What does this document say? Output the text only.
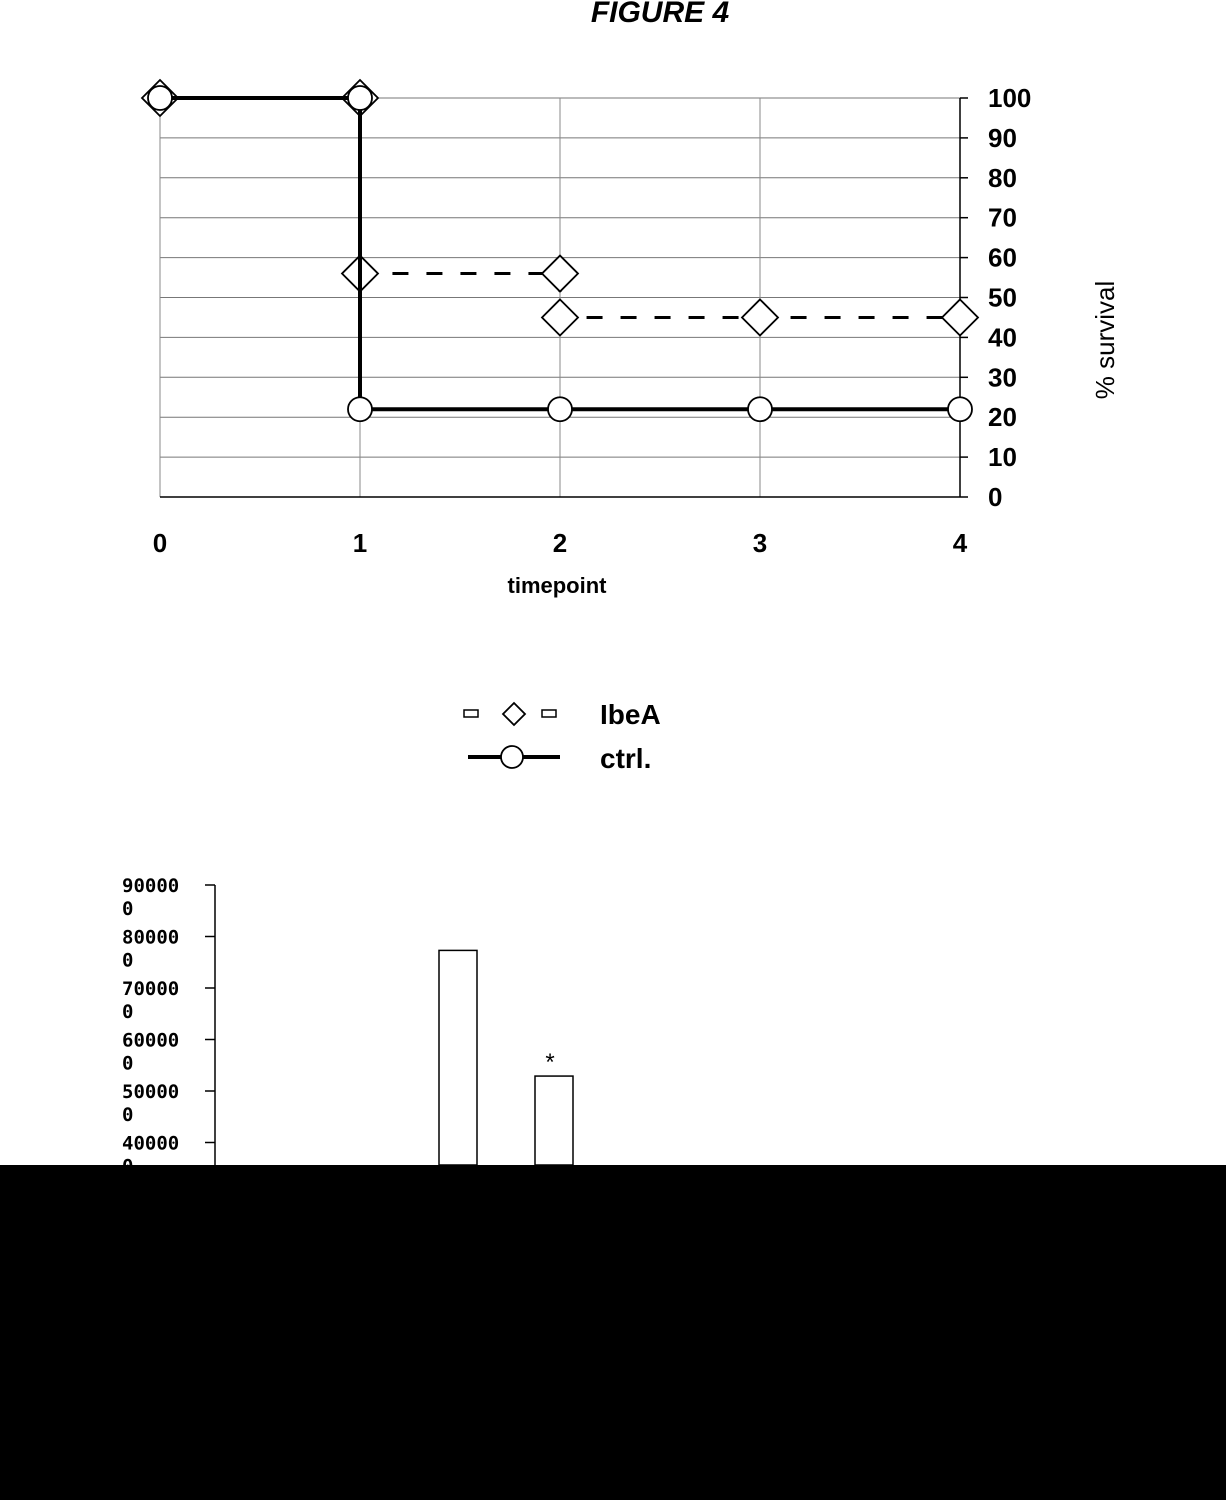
FIGURE 4
0	1	2	3	4
0
10
20
30
40
50
60
70
80
90
100
timepoint
% survival
IbeA
ctrl.
90000
0
80000
0
70000
0
60000
0
50000
0
40000
0
*
